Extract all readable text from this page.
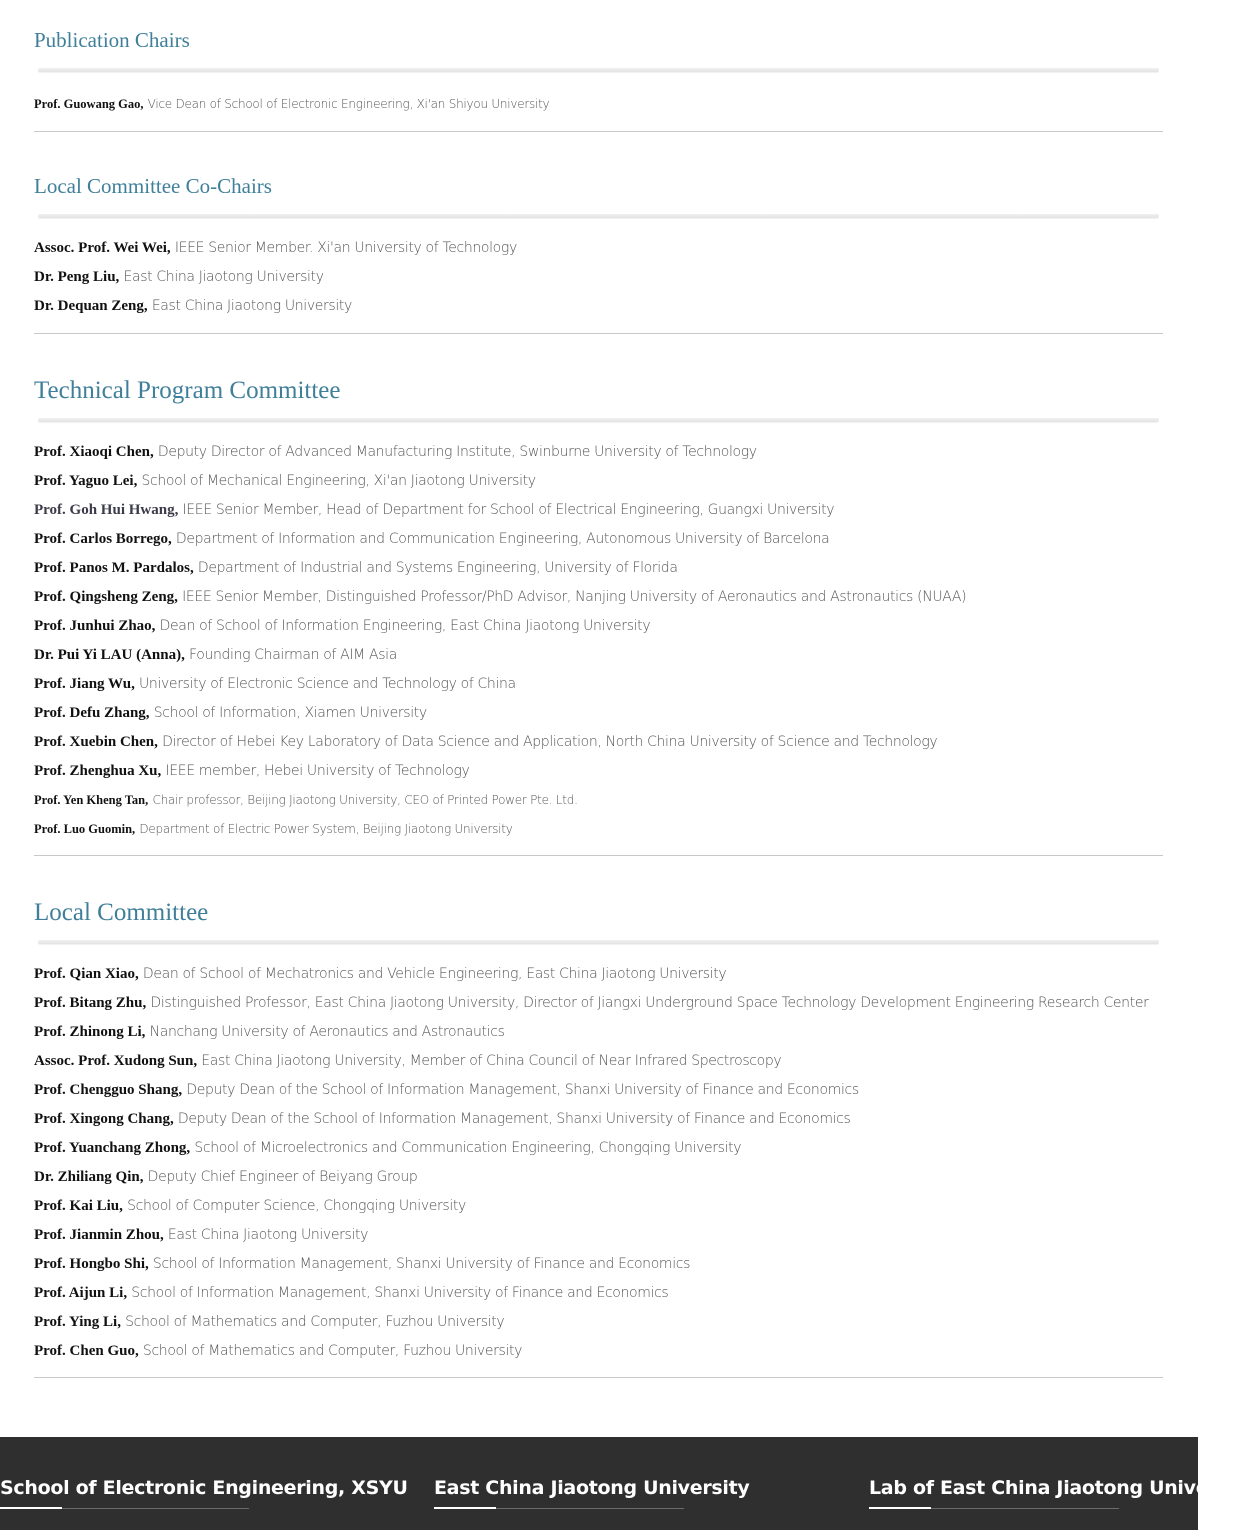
Publication Chairs
Prof. Guowang Gao, Vice Dean of School of Electronic Engineering, Xi'an Shiyou University
Local Committee Co-Chairs
Assoc. Prof. Wei Wei, IEEE Senior Member. Xi'an University of Technology
Dr. Peng Liu, East China Jiaotong University
Dr. Dequan Zeng, East China Jiaotong University
Technical Program Committee
Prof. Xiaoqi Chen, Deputy Director of Advanced Manufacturing Institute, Swinburne University of Technology
Prof. Yaguo Lei, School of Mechanical Engineering, Xi'an Jiaotong University
Prof. Goh Hui Hwang, IEEE Senior Member, Head of Department for School of Electrical Engineering, Guangxi University
Prof. Carlos Borrego, Department of Information and Communication Engineering, Autonomous University of Barcelona
Prof. Panos M. Pardalos, Department of Industrial and Systems Engineering, University of Florida
Prof. Qingsheng Zeng, IEEE Senior Member, Distinguished Professor/PhD Advisor, Nanjing University of Aeronautics and Astronautics (NUAA)
Prof. Junhui Zhao, Dean of School of Information Engineering, East China Jiaotong University
Dr. Pui Yi LAU (Anna), Founding Chairman of AIM Asia
Prof. Jiang Wu, University of Electronic Science and Technology of China
Prof. Defu Zhang, School of Information, Xiamen University
Prof. Xuebin Chen, Director of Hebei Key Laboratory of Data Science and Application, North China University of Science and Technology
Prof. Zhenghua Xu, IEEE member, Hebei University of Technology
Prof. Yen Kheng Tan, Chair professor, Beijing Jiaotong University, CEO of Printed Power Pte. Ltd.
Prof. Luo Guomin, Department of Electric Power System, Beijing Jiaotong University
Local Committee
Prof. Qian Xiao, Dean of School of Mechatronics and Vehicle Engineering, East China Jiaotong University
Prof. Bitang Zhu, Distinguished Professor, East China Jiaotong University, Director of Jiangxi Underground Space Technology Development Engineering Research Center
Prof. Zhinong Li, Nanchang University of Aeronautics and Astronautics
Assoc. Prof. Xudong Sun, East China Jiaotong University, Member of China Council of Near Infrared Spectroscopy
Prof. Chengguo Shang, Deputy Dean of the School of Information Management, Shanxi University of Finance and Economics
Prof. Xingong Chang, Deputy Dean of the School of Information Management, Shanxi University of Finance and Economics
Prof. Yuanchang Zhong, School of Microelectronics and Communication Engineering, Chongqing University
Dr. Zhiliang Qin, Deputy Chief Engineer of Beiyang Group
Prof. Kai Liu, School of Computer Science, Chongqing University
Prof. Jianmin Zhou, East China Jiaotong University
Prof. Hongbo Shi, School of Information Management, Shanxi University of Finance and Economics
Prof. Aijun Li, School of Information Management, Shanxi University of Finance and Economics
Prof. Ying Li, School of Mathematics and Computer, Fuzhou University
Prof. Chen Guo, School of Mathematics and Computer, Fuzhou University
School of Electronic Engineering, XSYU East China Jiaotong University	Lab of East China Jiaotong University
